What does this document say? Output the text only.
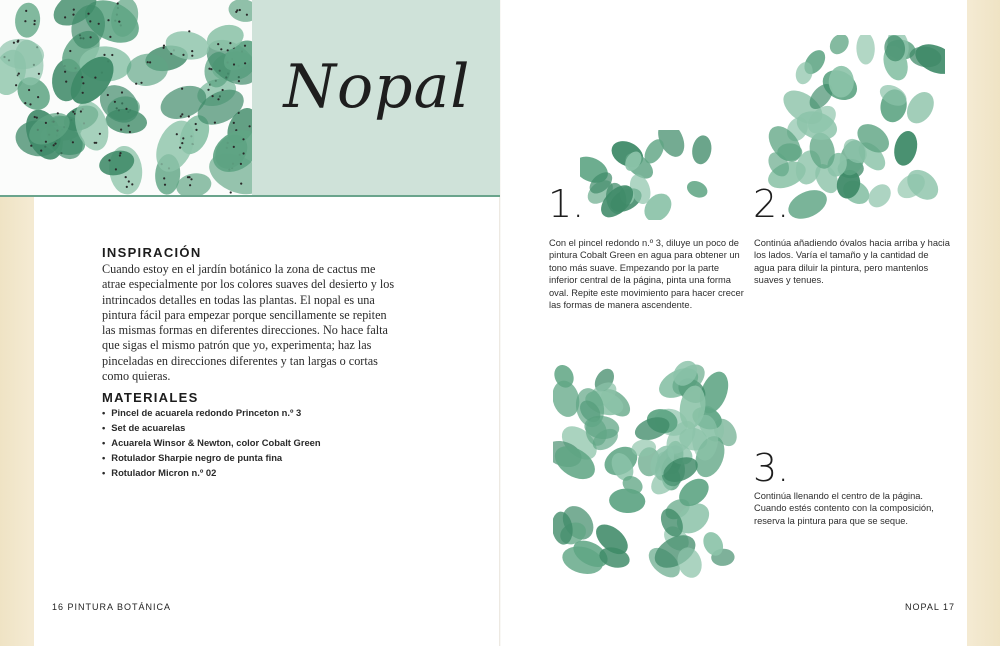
Nopal
INSPIRACIÓN

Cuando estoy en el jardín botánico la zona de cactus me atrae especialmente por los colores suaves del desierto y los intrincados detalles en todas las plantas. El nopal es una pintura fácil para empezar porque sencillamente se repiten las mismas formas en diferentes direcciones. No hace falta que sigas el mismo patrón que yo, experimenta; haz las pinceladas en direcciones diferentes y tan largas o cortas como quieras.

MATERIALES
• Pincel de acuarela redondo Princeton n.º 3
• Set de acuarelas
• Acuarela Winsor & Newton, color Cobalt Green
• Rotulador Sharpie negro de punta fina
• Rotulador Micron n.º 02
16 PINTURA BOTÁNICA
1.

Con el pincel redondo n.º 3, diluye un poco de pintura Cobalt Green en agua para obtener un tono más suave. Empezando por la parte inferior central de la página, pinta una forma oval. Repite este movimiento para hacer crecer las formas de manera ascendente.

2.

Continúa añadiendo óvalos hacia arriba y hacia los lados. Varía el tamaño y la cantidad de agua para diluir la pintura, pero mantenlos suaves y tenues.

3.

Continúa llenando el centro de la página. Cuando estés contento con la composición, reserva la pintura para que se seque.

NOPAL 17
